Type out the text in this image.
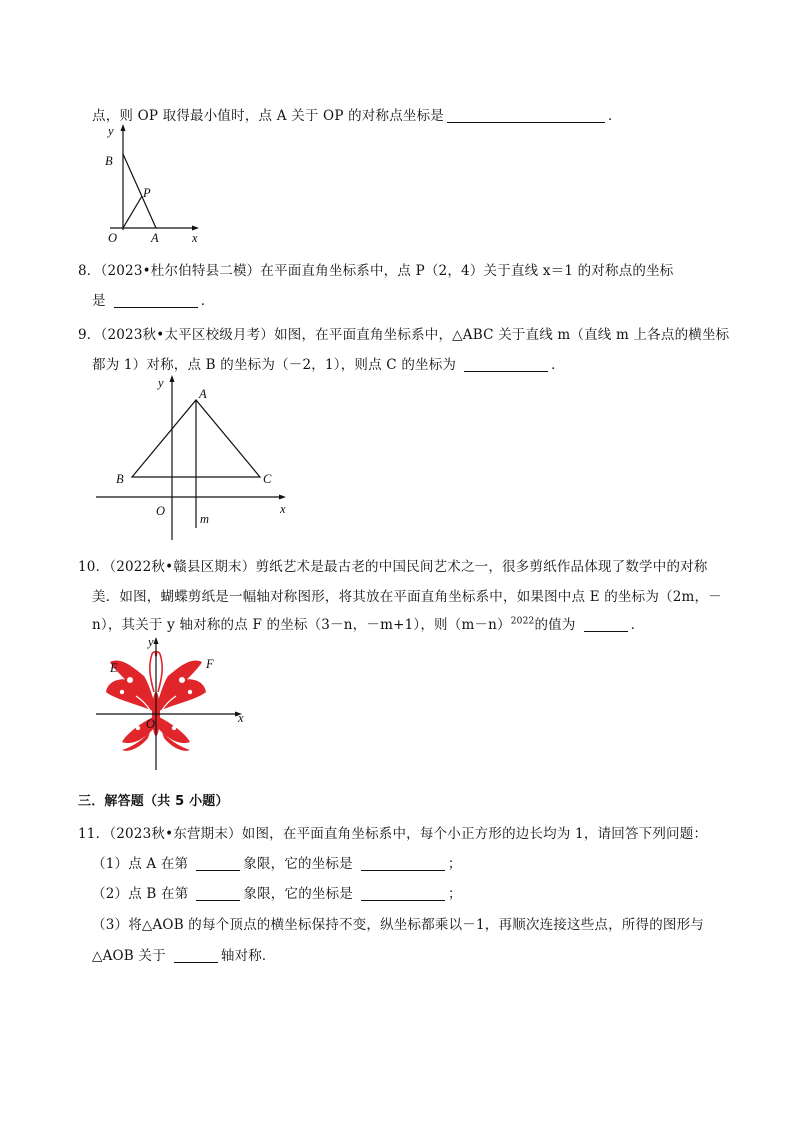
点，则 OP 取得最小值时，点 A 关于 OP 的对称点坐标是	．
y
B
P
O	A	x
8．（2023•杜尔伯特县二模）在平面直角坐标系中，点 P（2，4）关于直线 x＝1 的对称点的坐标
是	．
9．（2023秋•太平区校级月考）如图，在平面直角坐标系中，△ABC 关于直线 m（直线 m 上各点的横坐标
都为 1）对称，点 B 的坐标为（－2，1），则点 C 的坐标为	．
y
A
B	C
O
m
x
10．（2022秋•赣县区期末）剪纸艺术是最古老的中国民间艺术之一，很多剪纸作品体现了数学中的对称
美．如图，蝴蝶剪纸是一幅轴对称图形，将其放在平面直角坐标系中，如果图中点 E 的坐标为（2m，－
n），其关于 y 轴对称的点 F 的坐标（3－n，－m+1），则$(m-n)^{2022}$的值为	．
y
E	F
O	x
三．解答题（共 5 小题）
11．（2023秋•东营期末）如图，在平面直角坐标系中，每个小正方形的边长均为 1，请回答下列问题：
（1）点 A 在第	象限，它的坐标是	；
（2）点 B 在第	象限，它的坐标是	；
（3）将△AOB 的每个顶点的横坐标保持不变，纵坐标都乘以－1，再顺次连接这些点，所得的图形与
△AOB 关于	轴对称．
